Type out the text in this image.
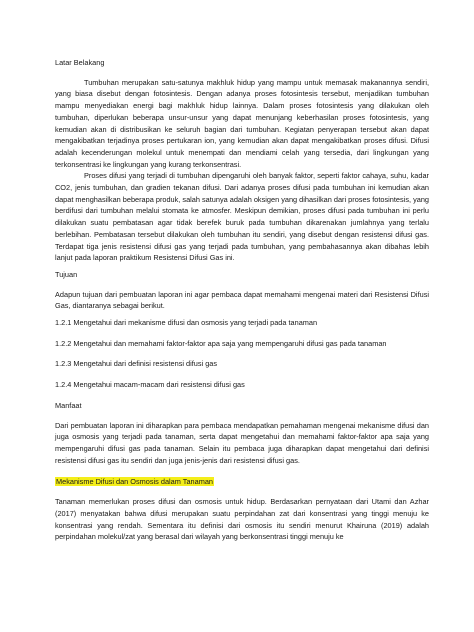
Latar Belakang

Tumbuhan merupakan satu-satunya makhluk hidup yang mampu untuk memasak makanannya sendiri, yang biasa disebut dengan fotosintesis. Dengan adanya proses fotosintesis tersebut, menjadikan tumbuhan mampu menyediakan energi bagi makhluk hidup lainnya. Dalam proses fotosintesis yang dilakukan oleh tumbuhan, diperlukan beberapa unsur-unsur yang dapat menunjang keberhasilan proses fotosintesis, yang kemudian akan di distribusikan ke seluruh bagian dari tumbuhan. Kegiatan penyerapan tersebut akan dapat mengakibatkan terjadinya proses pertukaran ion, yang kemudian akan dapat mengakibatkan proses difusi. Difusi adalah kecenderungan molekul untuk menempati dan mendiami celah yang tersedia, dari lingkungan yang terkonsentrasi ke lingkungan yang kurang terkonsentrasi.

Proses difusi yang terjadi di tumbuhan dipengaruhi oleh banyak faktor, seperti faktor cahaya, suhu, kadar CO2, jenis tumbuhan, dan gradien tekanan difusi. Dari adanya proses difusi pada tumbuhan ini kemudian akan dapat menghasilkan beberapa produk, salah satunya adalah oksigen yang dihasilkan dari proses fotosintesis, yang berdifusi dari tumbuhan melalui stomata ke atmosfer. Meskipun demikian, proses difusi pada tumbuhan ini perlu dilakukan suatu pembatasan agar tidak berefek buruk pada tumbuhan dikarenakan jumlahnya yang terlalu berlebihan. Pembatasan tersebut dilakukan oleh tumbuhan itu sendiri, yang disebut dengan resistensi difusi gas. Terdapat tiga jenis resistensi difusi gas yang terjadi pada tumbuhan, yang pembahasannya akan dibahas lebih lanjut pada laporan praktikum Resistensi Difusi Gas ini.

Tujuan

Adapun tujuan dari pembuatan laporan ini agar pembaca dapat memahami mengenai materi dari Resistensi Difusi Gas, diantaranya sebagai berikut.

1.2.1 Mengetahui dari mekanisme difusi dan osmosis yang terjadi pada tanaman
1.2.2 Mengetahui dan memahami faktor-faktor apa saja yang mempengaruhi difusi gas pada tanaman
1.2.3 Mengetahui dari definisi resistensi difusi gas
1.2.4 Mengetahui macam-macam dari resistensi difusi gas
Manfaat

Dari pembuatan laporan ini diharapkan para pembaca mendapatkan pemahaman mengenai mekanisme difusi dan juga osmosis yang terjadi pada tanaman, serta dapat mengetahui dan memahami faktor-faktor apa saja yang mempengaruhi difusi gas pada tanaman. Selain itu pembaca juga diharapkan dapat mengetahui dari definisi resistensi difusi gas itu sendiri dan juga jenis-jenis dari resistensi difusi gas.

Mekanisme Difusi dan Osmosis dalam Tanaman

Tanaman memerlukan proses difusi dan osmosis untuk hidup. Berdasarkan pernyataan dari Utami dan Azhar (2017) menyatakan bahwa difusi merupakan suatu perpindahan zat dari konsentrasi yang tinggi menuju ke konsentrasi yang rendah. Sementara itu definisi dari osmosis itu sendiri menurut Khairuna (2019) adalah perpindahan molekul/zat yang berasal dari wilayah yang berkonsentrasi tinggi menuju ke
